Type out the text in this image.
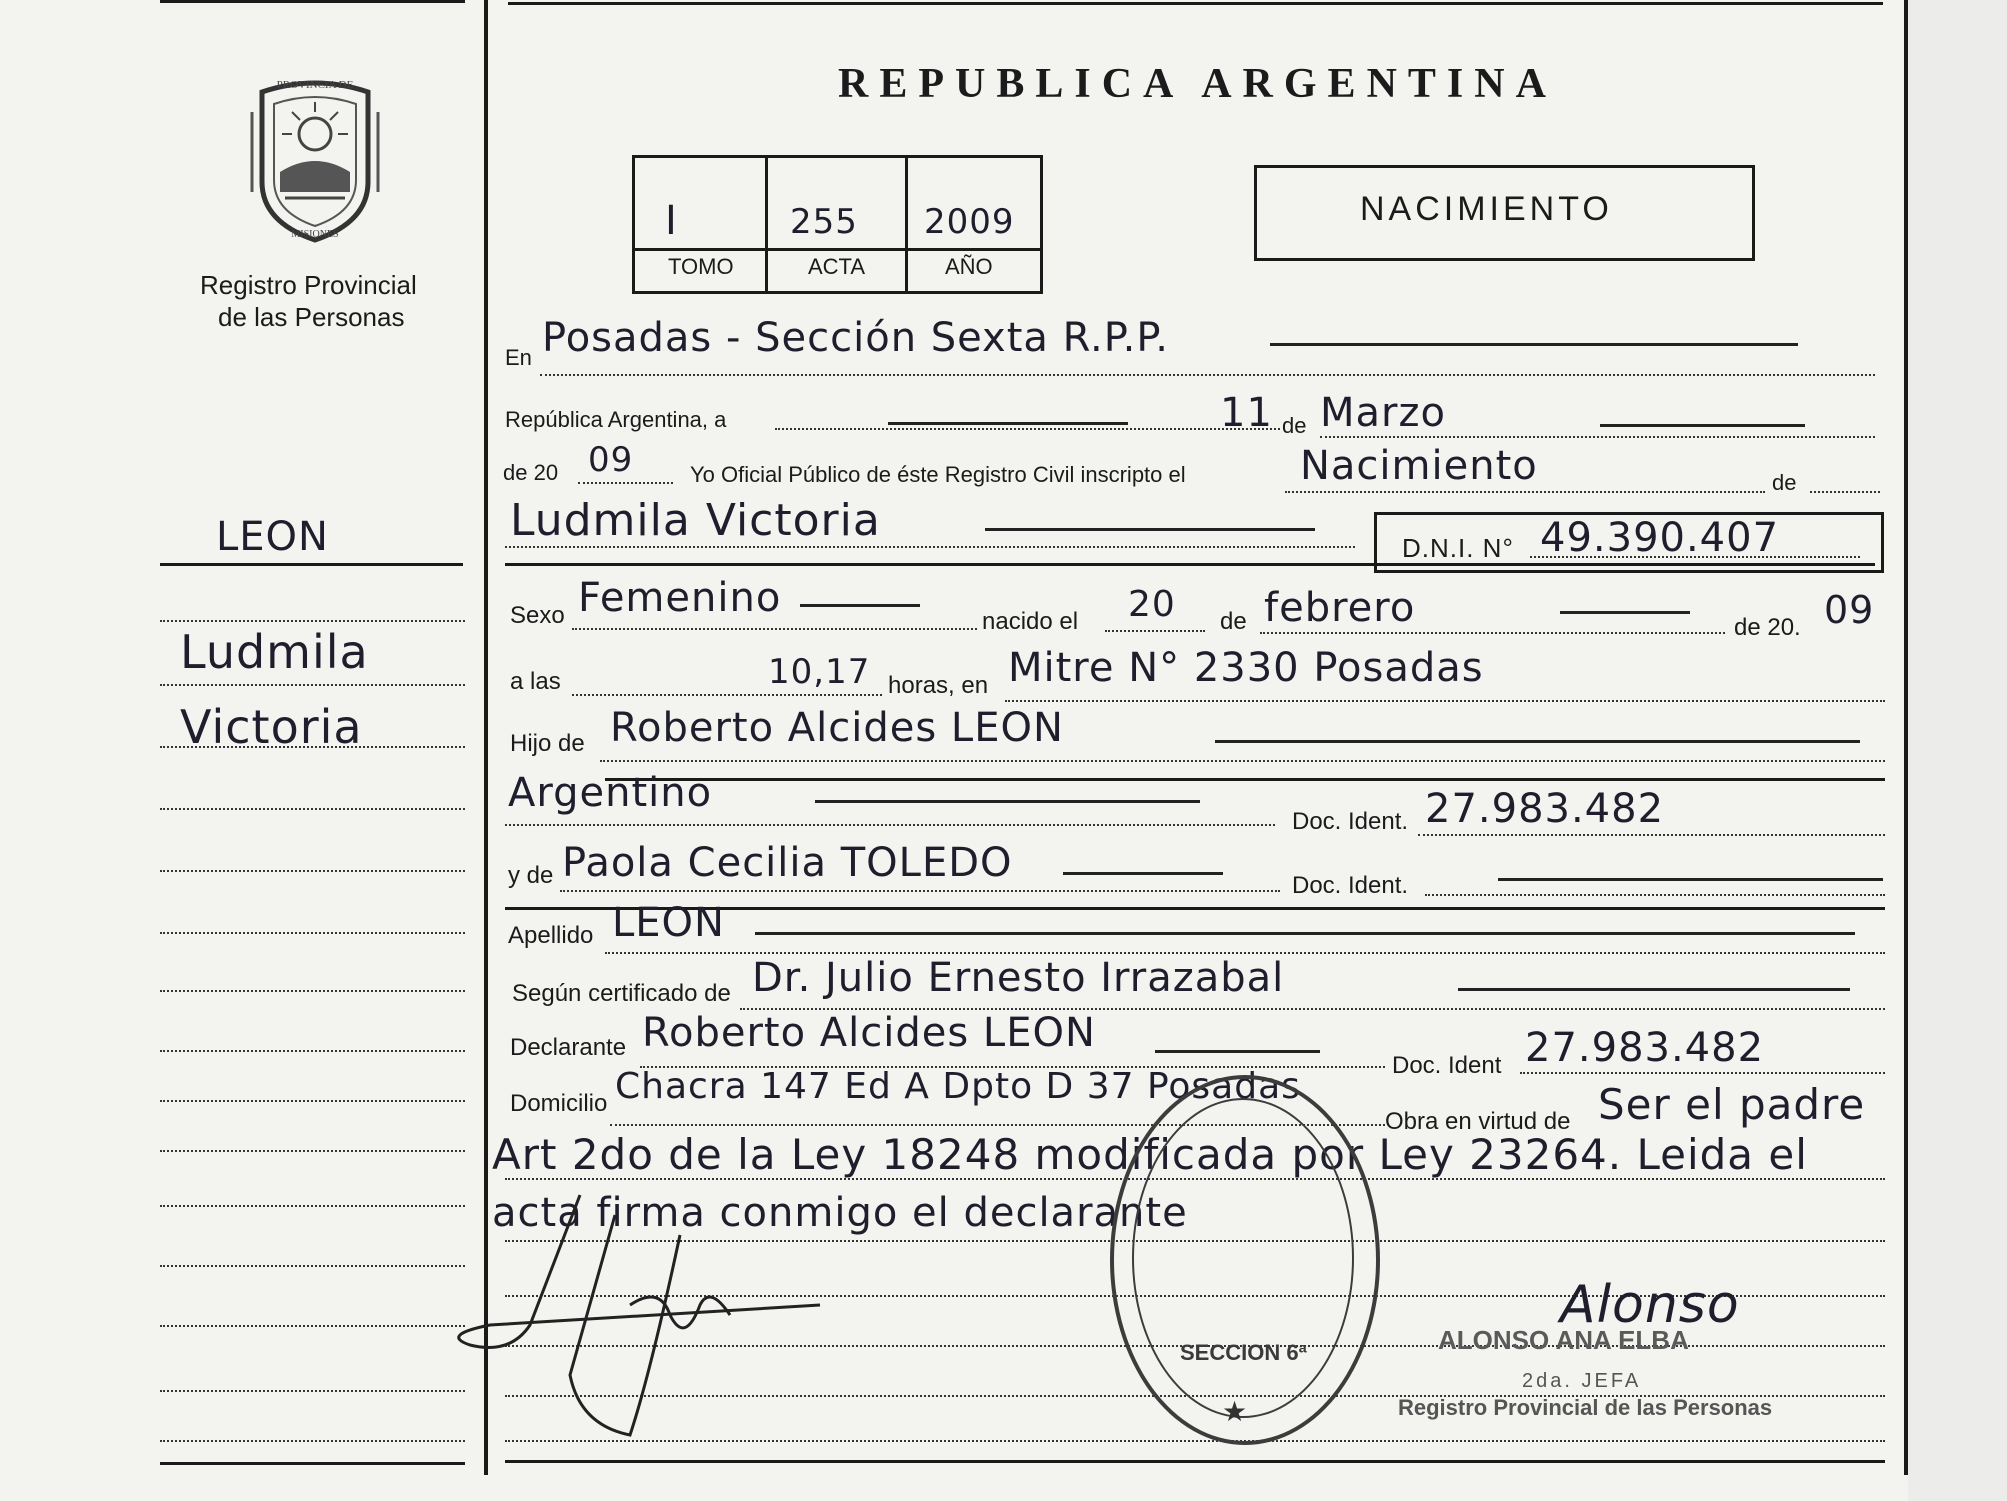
PROVINCIA DE
MISIONES
Registro Provincial
de las Personas
LEON
Ludmila
Victoria
REPUBLICA ARGENTINA
I	255 2009
TOMO	ACTA	AÑO
NACIMIENTO
En Posadas - Sección Sexta R.P.P.
República Argentina, a	11 de Marzo
de 20 09	Yo Oficial Público de éste Registro Civil inscripto el	Nacimiento	de
Ludmila Victoria
D.N.I. N° 49.390.407
Sexo Femenino
nacido el 20 de febrero	de 20. 09
a las	10,17 horas, en Mitre N° 2330 Posadas
Hijo de Roberto Alcides LEON
Argentino
Doc. Ident. 27.983.482
y de Paola Cecilia TOLEDO	Doc. Ident.
Apellido LEON
Según certificado de Dr. Julio Ernesto Irrazabal
Declarante Roberto Alcides LEON
Doc. Ident 27.983.482
Domicilio Chacra 147 Ed A Dpto D 37 Posadas
Obra en virtud de Ser el padre
Art 2do de la Ley 18248 modificada por Ley 23264. Leida el
acta firma conmigo el declarante
SECCION 6ª
★
Alonso
ALONSO ANA ELBA
2da. JEFA
Registro Provincial de las Personas
